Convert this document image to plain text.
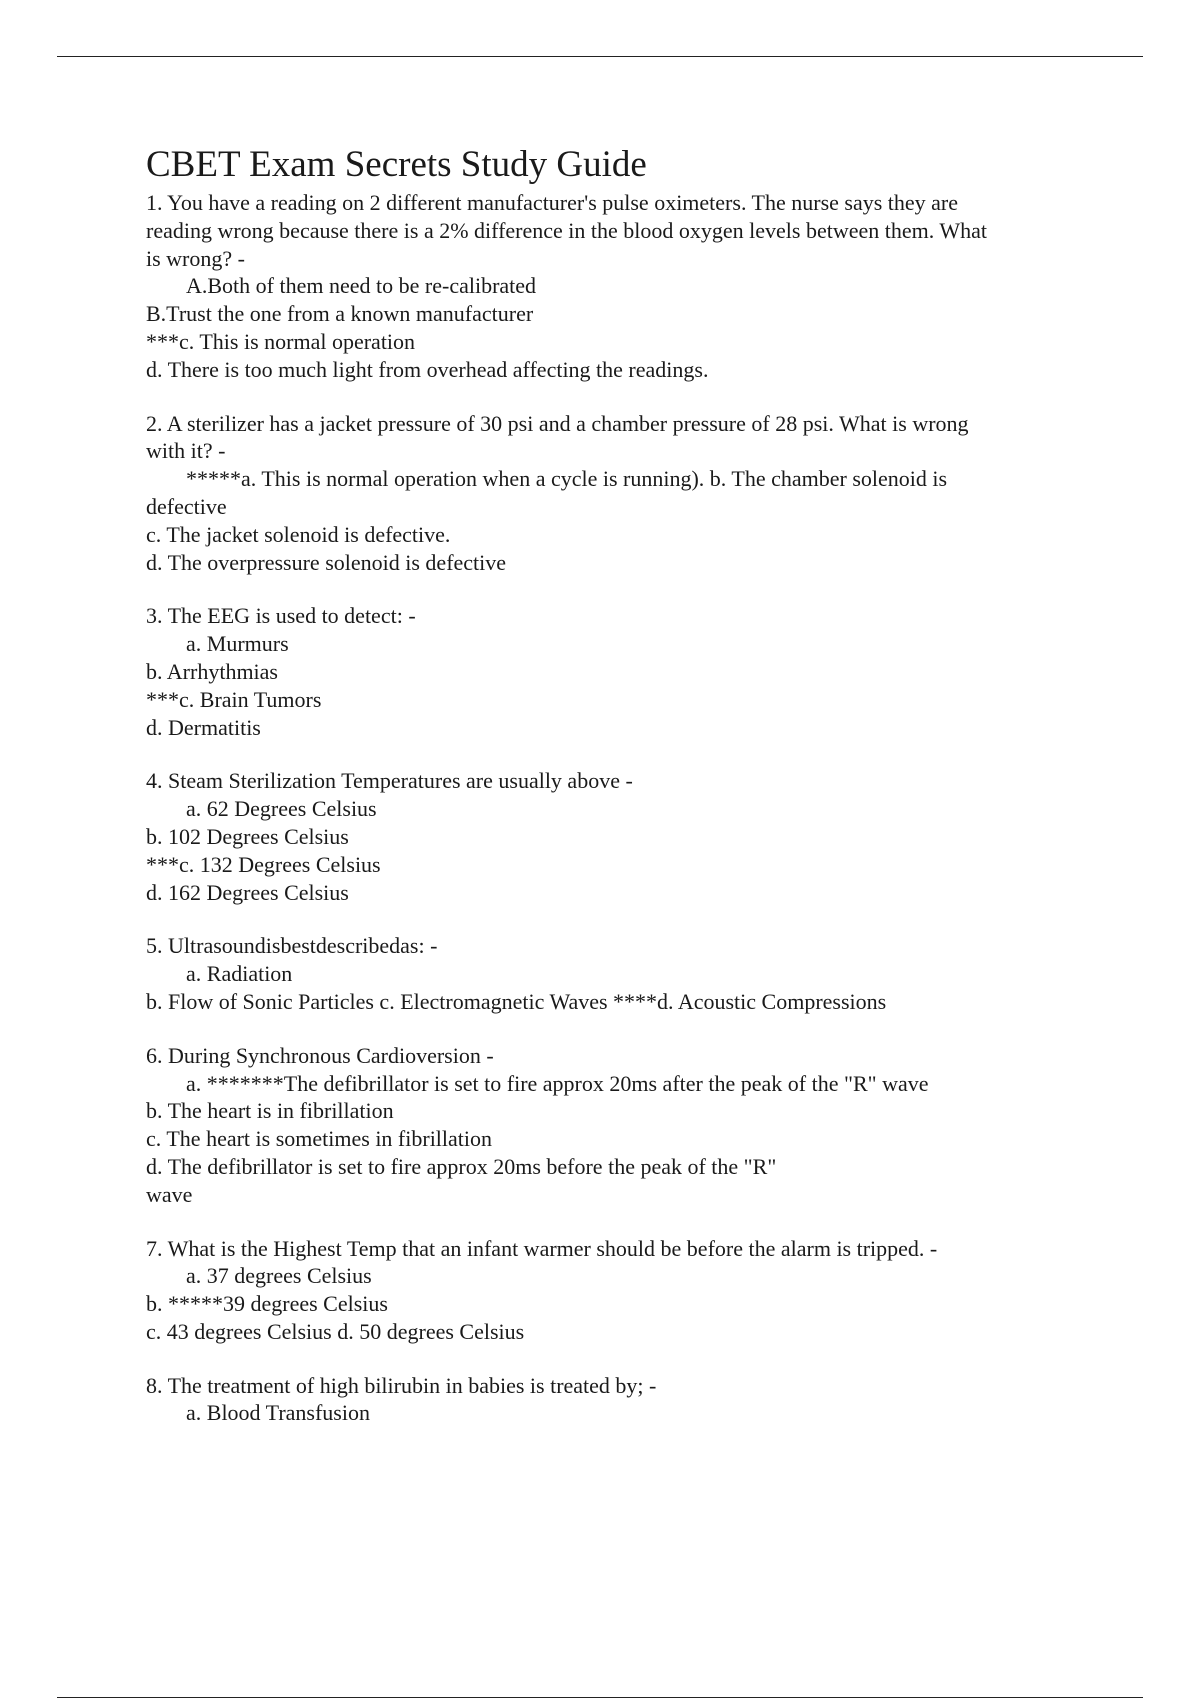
CBET Exam Secrets Study Guide
1. You have a reading on 2 different manufacturer's pulse oximeters. The nurse says they are
reading wrong because there is a 2% difference in the blood oxygen levels between them. What
is wrong? -
A.Both of them need to be re-calibrated
B.Trust the one from a known manufacturer
***c. This is normal operation
d. There is too much light from overhead affecting the readings.
2. A sterilizer has a jacket pressure of 30 psi and a chamber pressure of 28 psi. What is wrong
with it? -
*****a. This is normal operation when a cycle is running). b. The chamber solenoid is
defective
c. The jacket solenoid is defective.
d. The overpressure solenoid is defective
3. The EEG is used to detect: -
a. Murmurs
b. Arrhythmias
***c. Brain Tumors
d. Dermatitis
4. Steam Sterilization Temperatures are usually above -
a. 62 Degrees Celsius
b. 102 Degrees Celsius
***c. 132 Degrees Celsius
d. 162 Degrees Celsius
5. Ultrasoundisbestdescribedas: -
a. Radiation
b. Flow of Sonic Particles c. Electromagnetic Waves ****d. Acoustic Compressions
6. During Synchronous Cardioversion -
a. *******The defibrillator is set to fire approx 20ms after the peak of the "R" wave
b. The heart is in fibrillation
c. The heart is sometimes in fibrillation
d. The defibrillator is set to fire approx 20ms before the peak of the "R"
wave
7. What is the Highest Temp that an infant warmer should be before the alarm is tripped. -
a. 37 degrees Celsius
b. *****39 degrees Celsius
c. 43 degrees Celsius d. 50 degrees Celsius
8. The treatment of high bilirubin in babies is treated by; -
a. Blood Transfusion
